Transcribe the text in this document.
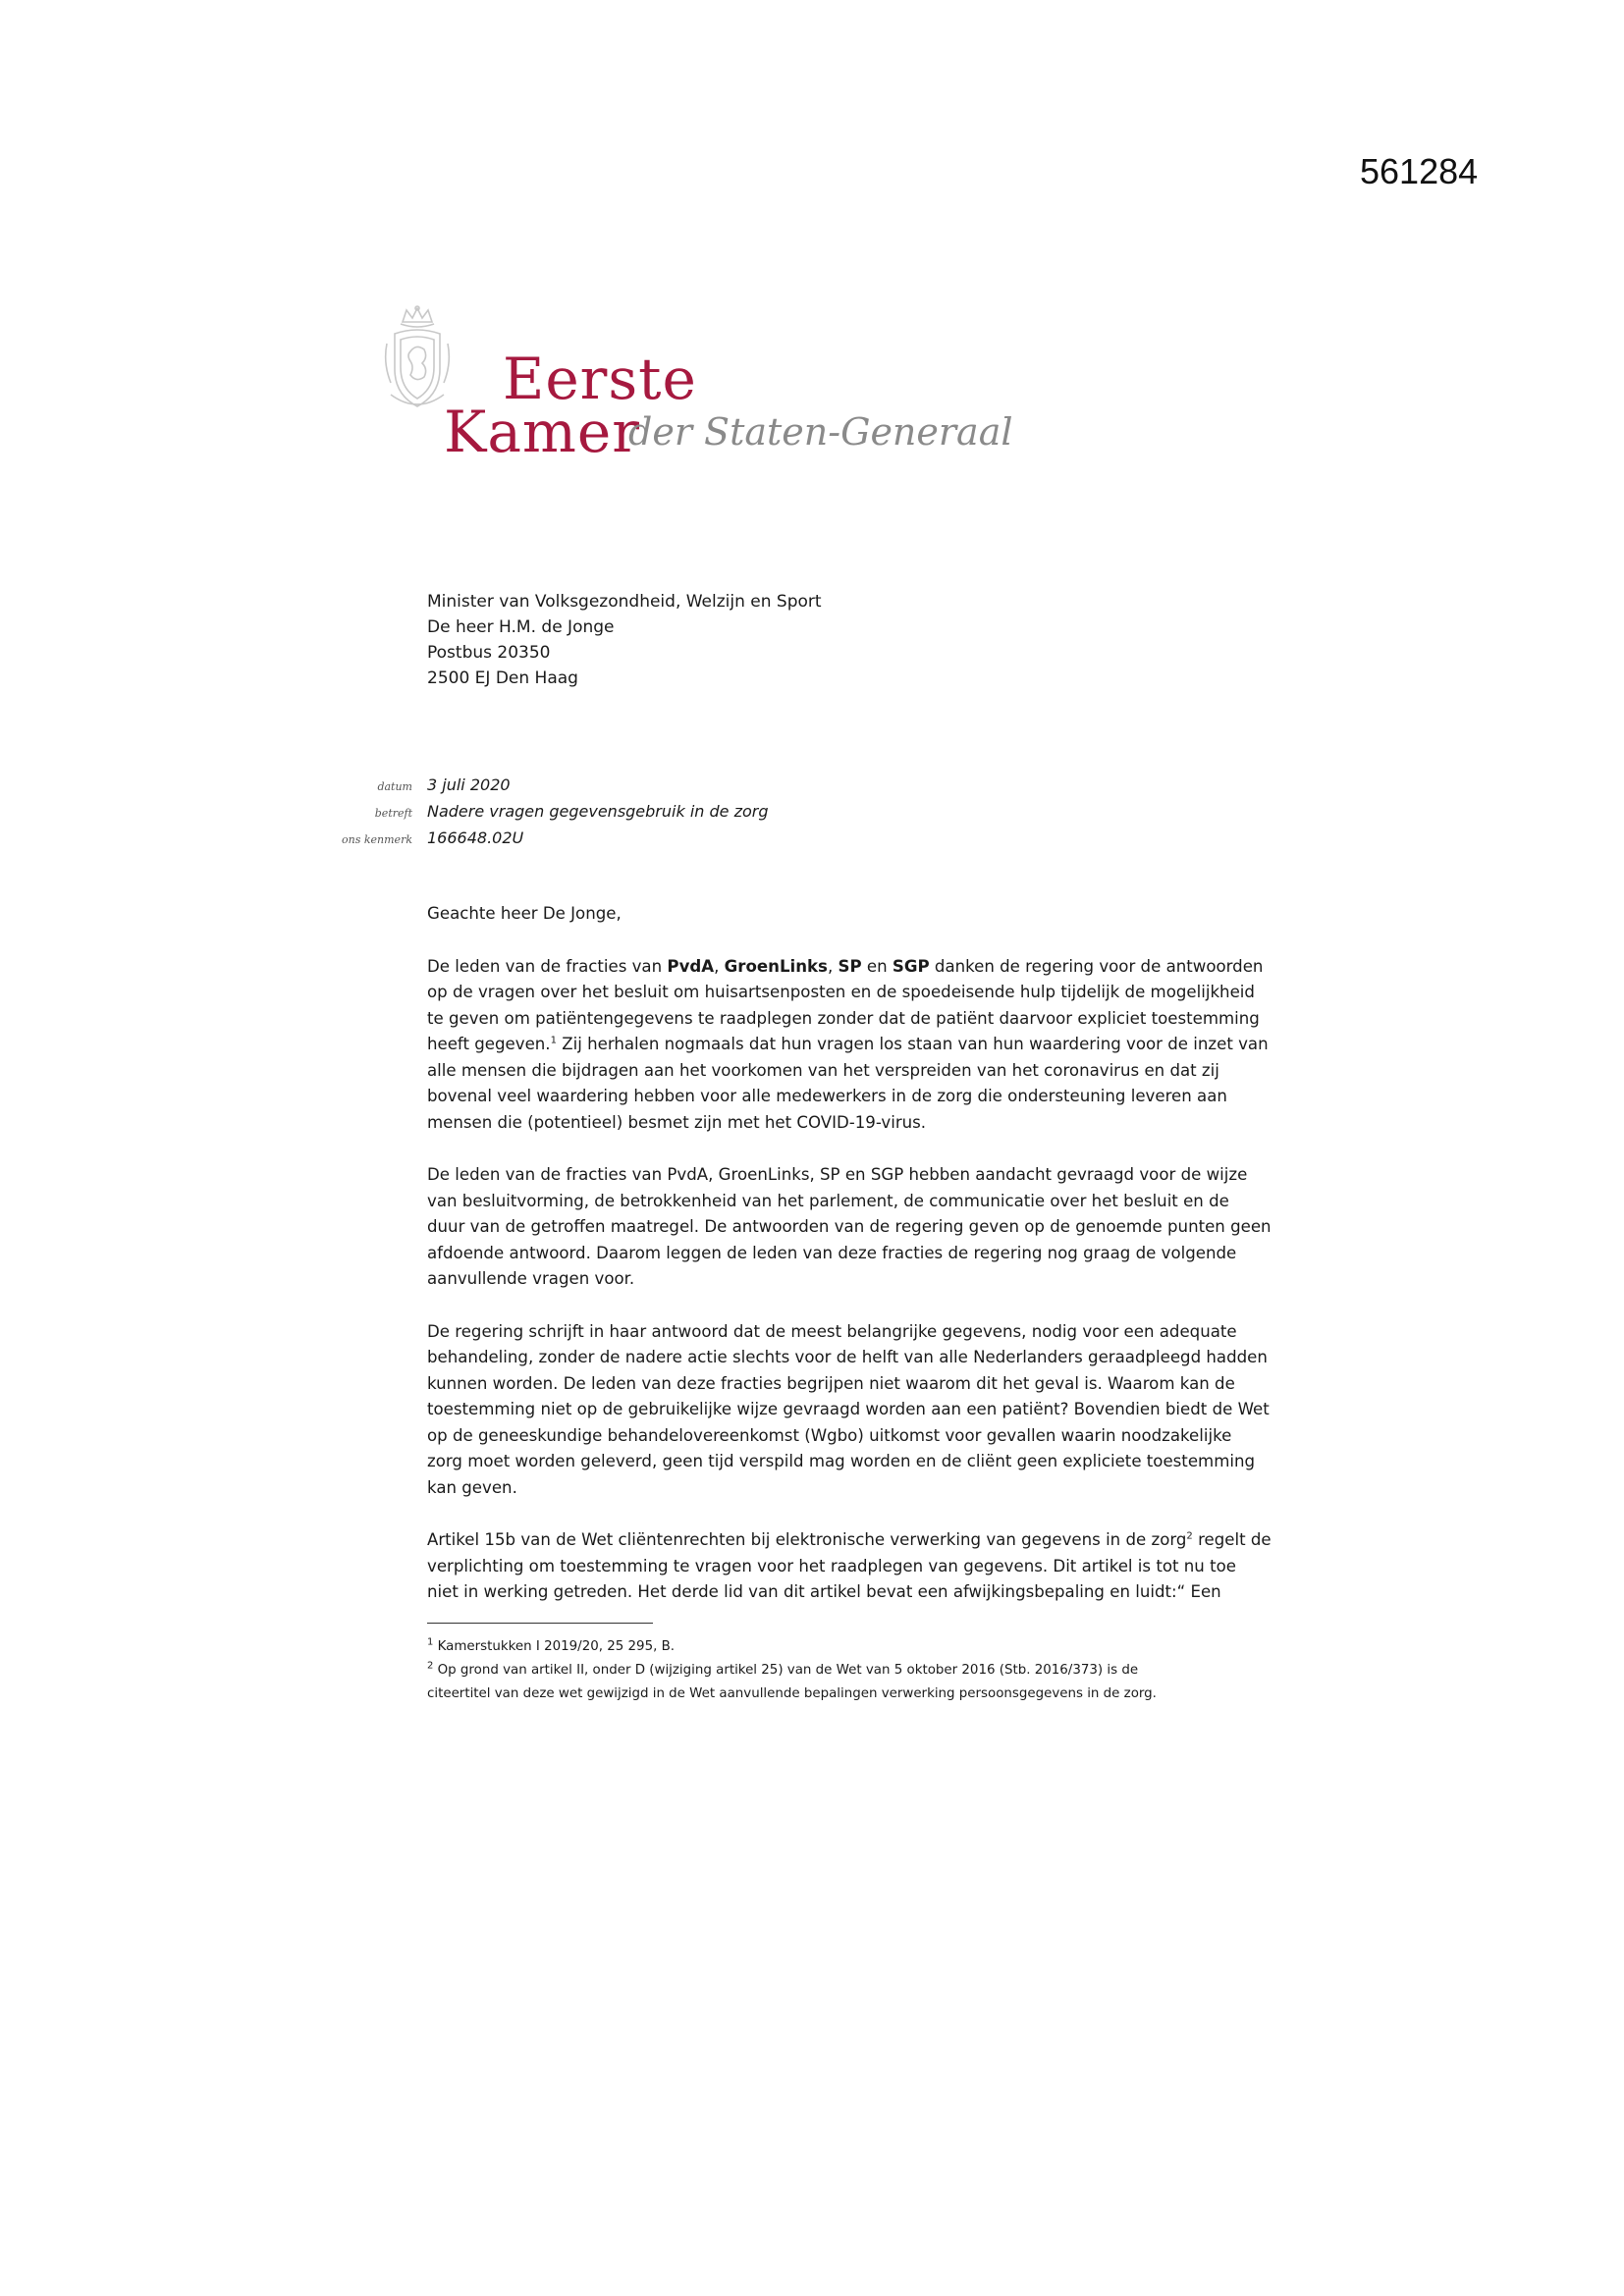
561284
Eerste
Kamer
der Staten-Generaal
Minister van Volksgezondheid, Welzijn en Sport
De heer H.M. de Jonge
Postbus 20350
2500 EJ Den Haag
datum 3 juli 2020
betreft Nadere vragen gegevensgebruik in de zorg
ons kenmerk 166648.02U

Geachte heer De Jonge,

De leden van de fracties van PvdA, GroenLinks, SP en SGP danken de regering voor de antwoorden op de vragen over het besluit om huisartsenposten en de spoedeisende hulp tijdelijk de mogelijkheid te geven om patiëntengegevens te raadplegen zonder dat de patiënt daarvoor expliciet toestemming heeft gegeven.$^1$ Zij herhalen nogmaals dat hun vragen los staan van hun waardering voor de inzet van alle mensen die bijdragen aan het voorkomen van het verspreiden van het coronavirus en dat zij bovenal veel waardering hebben voor alle medewerkers in de zorg die ondersteuning leveren aan mensen die (potentieel) besmet zijn met het COVID-19-virus.

De leden van de fracties van PvdA, GroenLinks, SP en SGP hebben aandacht gevraagd voor de wijze van besluitvorming, de betrokkenheid van het parlement, de communicatie over het besluit en de duur van de getroffen maatregel. De antwoorden van de regering geven op de genoemde punten geen afdoende antwoord. Daarom leggen de leden van deze fracties de regering nog graag de volgende aanvullende vragen voor.

De regering schrijft in haar antwoord dat de meest belangrijke gegevens, nodig voor een adequate behandeling, zonder de nadere actie slechts voor de helft van alle Nederlanders geraadpleegd hadden kunnen worden. De leden van deze fracties begrijpen niet waarom dit het geval is. Waarom kan de toestemming niet op de gebruikelijke wijze gevraagd worden aan een patiënt? Bovendien biedt de Wet op de geneeskundige behandelovereenkomst (Wgbo) uitkomst voor gevallen waarin noodzakelijke zorg moet worden geleverd, geen tijd verspild mag worden en de cliënt geen expliciete toestemming kan geven.

Artikel 15b van de Wet cliëntenrechten bij elektronische verwerking van gegevens in de zorg$^2$ regelt de verplichting om toestemming te vragen voor het raadplegen van gegevens. Dit artikel is tot nu toe niet in werking getreden. Het derde lid van dit artikel bevat een afwijkingsbepaling en luidt:“ Een

$^1$ Kamerstukken I 2019/20, 25 295, B.
$^2$ Op grond van artikel II, onder D (wijziging artikel 25) van de Wet van 5 oktober 2016 (Stb. 2016/373) is de
citeertitel van deze wet gewijzigd in de Wet aanvullende bepalingen verwerking persoonsgegevens in de zorg.
